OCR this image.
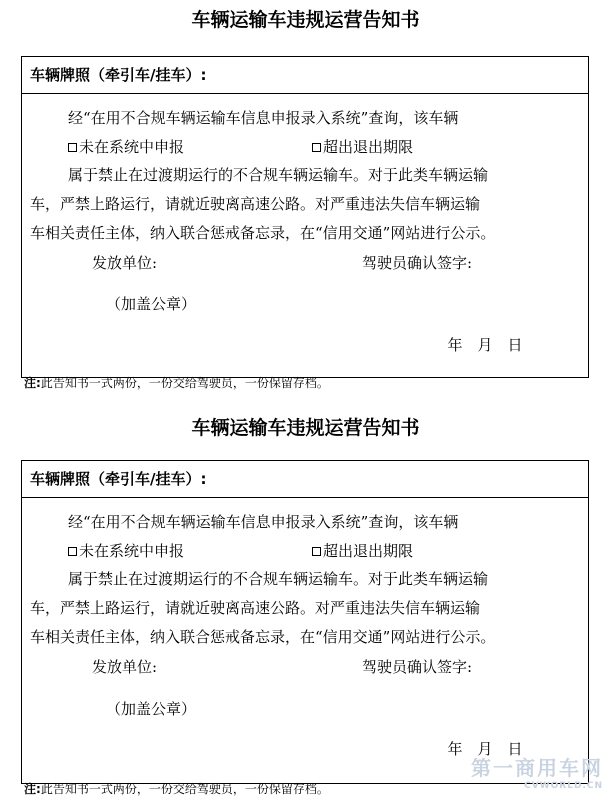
车辆运输车违规运营告知书
车辆牌照（牵引车/挂车）:
经“在用不合规车辆运输车信息申报录入系统”查询，该车辆
未在系统中申报	超出退出期限
属于禁止在过渡期运行的不合规车辆运输车。对于此类车辆运输
车，严禁上路运行，请就近驶离高速公路。对严重违法失信车辆运输
车相关责任主体，纳入联合惩戒备忘录，在“信用交通”网站进行公示。
发放单位:	驾驶员确认签字:
（加盖公章）
年　月　日
注:此告知书一式两份，一份交给驾驶员，一份保留存档。
车辆运输车违规运营告知书
车辆牌照（牵引车/挂车）:
经“在用不合规车辆运输车信息申报录入系统”查询，该车辆
未在系统中申报	超出退出期限
属于禁止在过渡期运行的不合规车辆运输车。对于此类车辆运输
车，严禁上路运行，请就近驶离高速公路。对严重违法失信车辆运输
车相关责任主体，纳入联合惩戒备忘录，在“信用交通”网站进行公示。
发放单位:	驾驶员确认签字:
（加盖公章）
年　月　日
注:此告知书一式两份，一份交给驾驶员，一份保留存档。
第一商用车网
CVWORLD.CN
